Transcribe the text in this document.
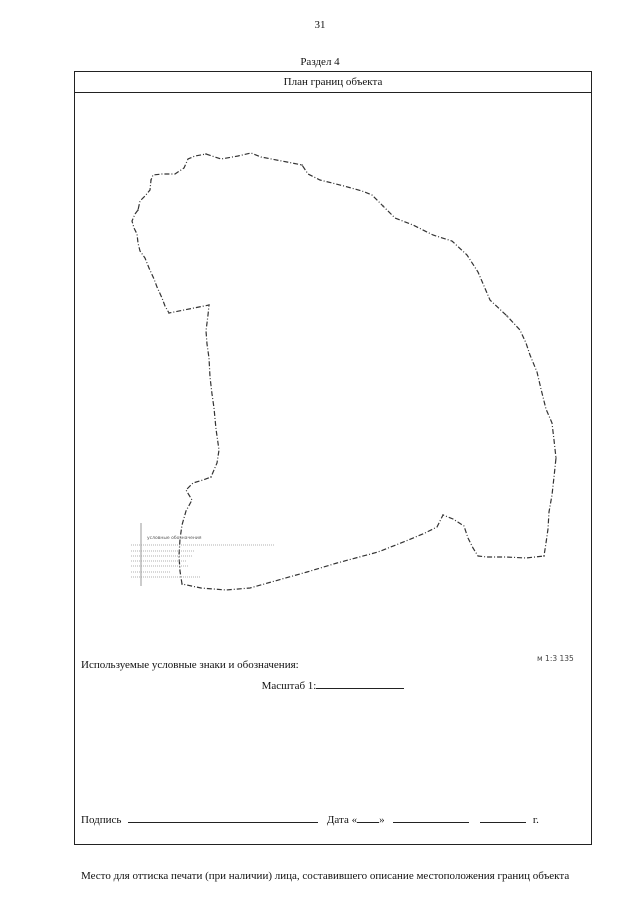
31
Раздел 4
План границ объекта
условные обозначения
м 1:3 135
Масштаб 1:
Используемые условные знаки и обозначения:
Подпись	Дата « »	г.
Место для оттиска печати (при наличии) лица, составившего описание местоположения границ объекта
